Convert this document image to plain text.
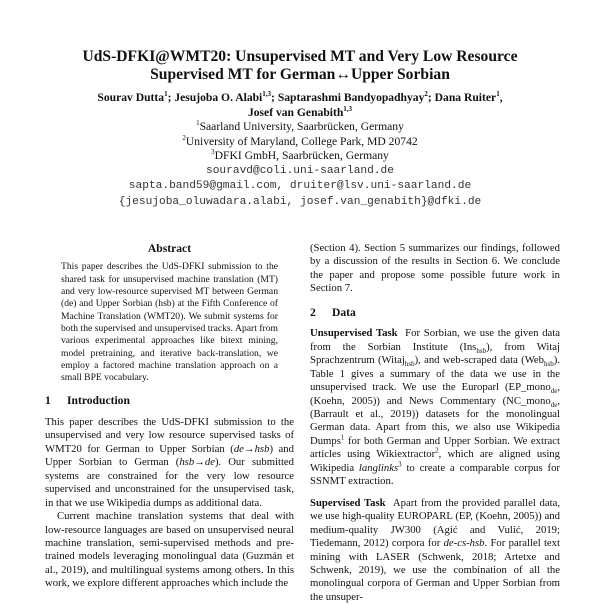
UdS-DFKI@WMT20: Unsupervised MT and Very Low Resource
Supervised MT for German↔Upper Sorbian
Sourav Dutta$^1$; Jesujoba O. Alabi$^{1,3}$; Saptarashmi Bandyopadhyay$^2$; Dana Ruiter$^1$,
Josef van Genabith$^{1,3}$
$^1$Saarland University, Saarbrücken, Germany
$^2$University of Maryland, College Park, MD 20742
$^3$DFKI GmbH, Saarbrücken, Germany
souravd@coli.uni-saarland.de
sapta.band59@gmail.com, druiter@lsv.uni-saarland.de
{jesujoba_oluwadara.alabi, josef.van_genabith}@dfki.de
Abstract

This paper describes the UdS-DFKI submission to the shared task for unsupervised machine translation (MT) and very low-resource supervised MT between German (de) and Upper Sorbian (hsb) at the Fifth Conference of Machine Translation (WMT20). We submit systems for both the supervised and unsupervised tracks. Apart from various experimental approaches like bitext mining, model pretraining, and iterative back-translation, we employ a factored machine translation approach on a small BPE vocabulary.

1 Introduction

This paper describes the UdS-DFKI submission to the unsupervised and very low resource supervised tasks of WMT20 for German to Upper Sorbian (de→hsb) and Upper Sorbian to German (hsb→de). Our submitted systems are constrained for the very low resource supervised and unconstrained for the unsupervised task, in that we use Wikipedia dumps as additional data.

Current machine translation systems that deal with low-resource languages are based on unsupervised neural machine translation, semi-supervised methods and pre-trained models leveraging monolingual data (Guzmán et al., 2019), and multilingual systems among others. In this work, we explore different approaches which include the

(Section 4). Section 5 summarizes our findings, followed by a discussion of the results in Section 6. We conclude the paper and propose some possible future work in Section 7.

2 Data

Unsupervised Task For Sorbian, we use the given data from the Sorbian Institute (Ins$_{hsb}$), from Witaj Sprachzentrum (Witaj$_{hsb}$), and web-scraped data (Web$_{hsb}$). Table 1 gives a summary of the data we use in the unsupervised track. We use the Europarl (EP_mono$_{de}$, (Koehn, 2005)) and News Commentary (NC_mono$_{de}$, (Barrault et al., 2019)) datasets for the monolingual German data. Apart from this, we also use Wikipedia Dumps$^1$ for both German and Upper Sorbian. We extract articles using Wikiextractor$^2$, which are aligned using Wikipedia langlinks$^3$ to create a comparable corpus for SSNMT extraction.

Supervised Task Apart from the provided parallel data, we use high-quality EUROPARL (EP, (Koehn, 2005)) and medium-quality JW300 (Agić and Vulić, 2019; Tiedemann, 2012) corpora for de-cs-hsb. For parallel text mining with LASER (Schwenk, 2018; Artetxe and Schwenk, 2019), we use the combination of all the monolingual corpora of German and Upper Sorbian from the unsuper-
